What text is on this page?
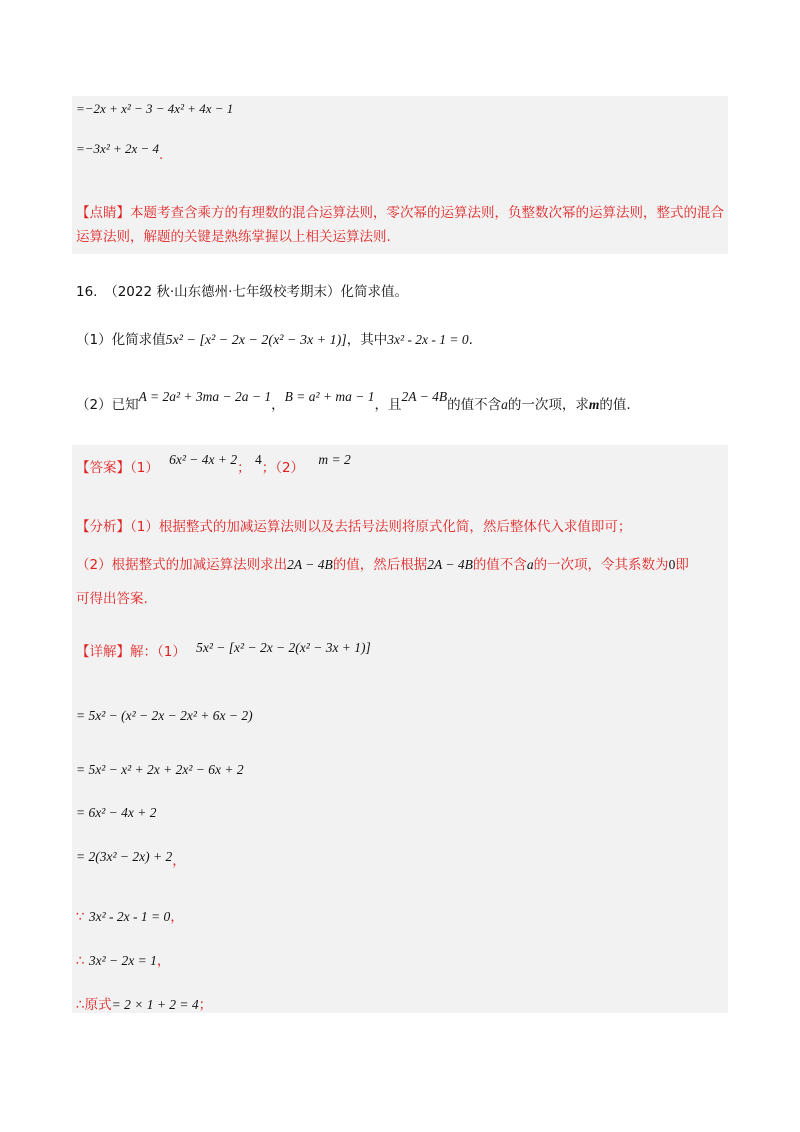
=−2x + x² − 3 − 4x² + 4x − 1
=−3x² + 2x − 4.
【点睛】本题考查含乘方的有理数的混合运算法则，零次幂的运算法则，负整数次幂的运算法则，整式的混合运算法则，解题的关键是熟练掌握以上相关运算法则.
16.　（2022 秋·山东德州·七年级校考期末）化简求值。
（1）化简求值5x² − [x² − 2x − 2(x² − 3x + 1)]，其中3x² - 2x - 1 = 0.
（2）已知A = 2a² + 3ma − 2a − 1，B = a² + ma − 1，且2A − 4B的值不含a的一次项，求m的值.
【答案】（1） 6x² − 4x + 2； 4；（2） m = 2
【分析】（1）根据整式的加减运算法则以及去括号法则将原式化简，然后整体代入求值即可；
（2）根据整式的加减运算法则求出2A − 4B的值，然后根据2A − 4B的值不含a的一次项，令其系数为0即
可得出答案.
【详解】解：（1） 5x² − [x² − 2x − 2(x² − 3x + 1)]
= 5x² − (x² − 2x − 2x² + 6x − 2)
= 5x² − x² + 2x + 2x² − 6x + 2
= 6x² − 4x + 2
= 2(3x² − 2x) + 2，
∵ 3x² - 2x - 1 = 0，
∴ 3x² − 2x = 1，
∴原式= 2 × 1 + 2 = 4；
